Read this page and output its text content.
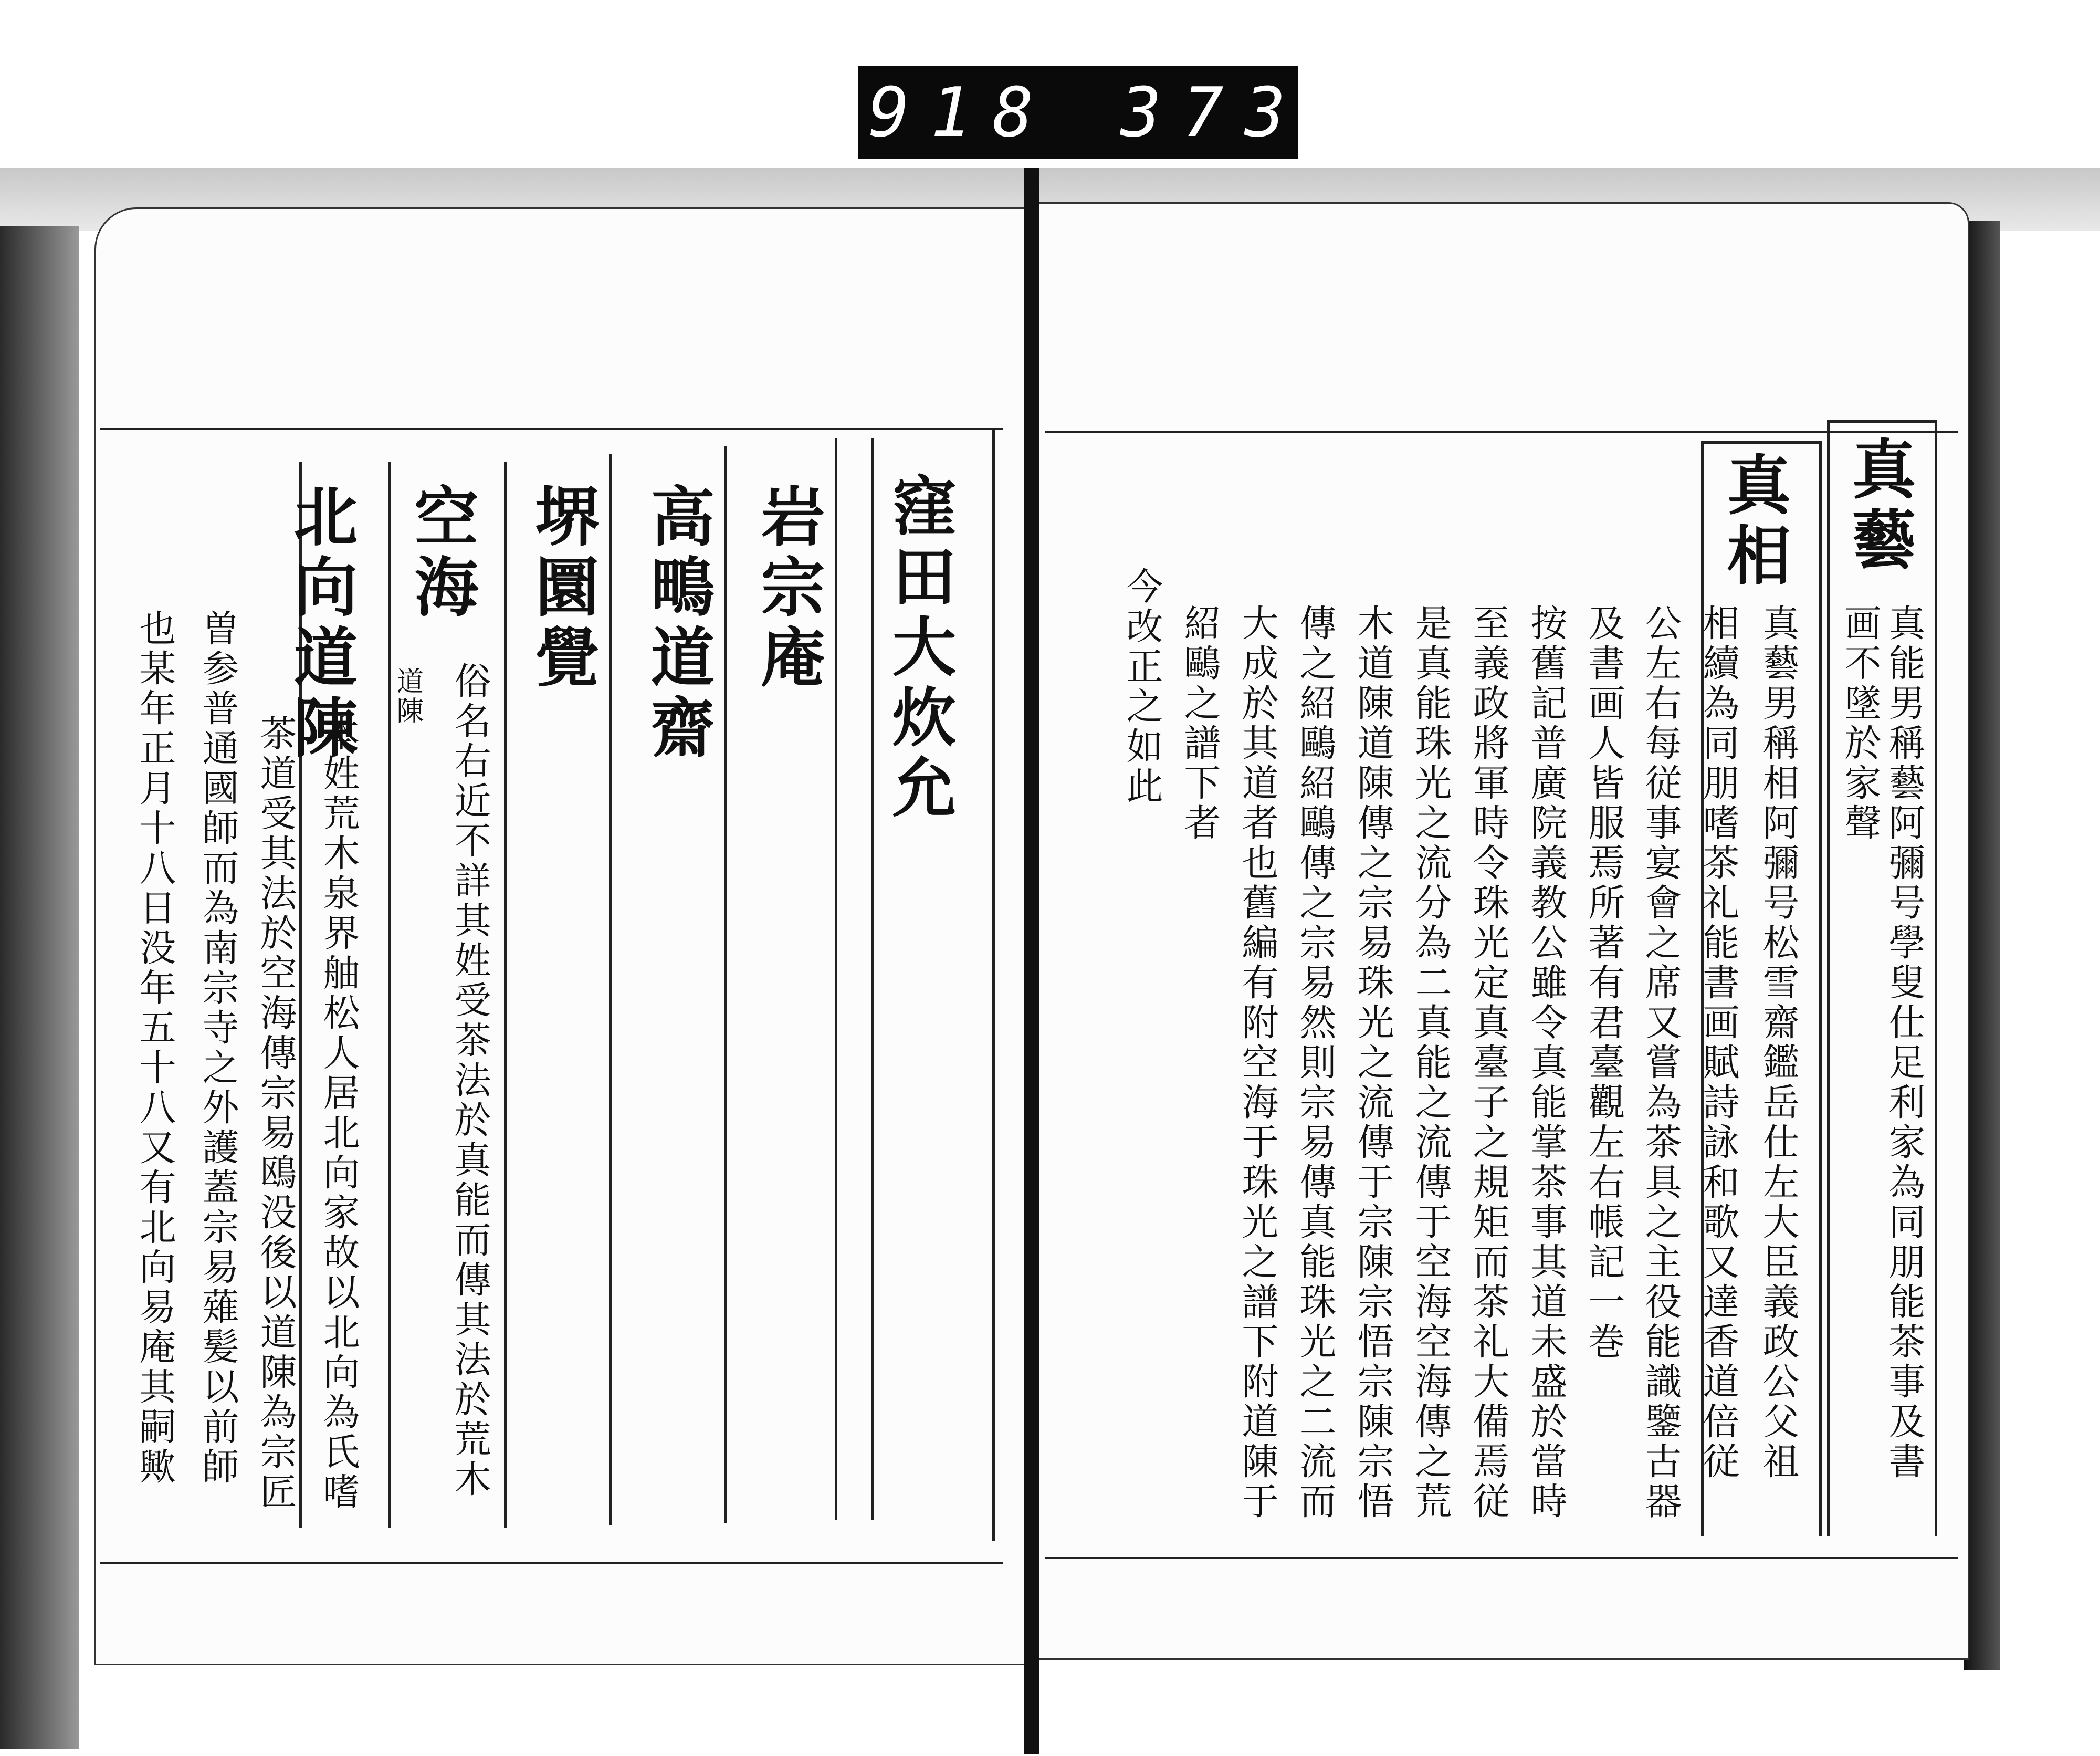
918 373.
真藝
真能男稱藝阿彌号學叟仕足利家為同朋能茶事及書
画不墜於家聲
真相
真藝男稱相阿彌号松雪齋鑑岳仕左大臣義政公父祖
相續為同朋嗜茶礼能書画賦詩詠和歌又達香道倍従
公左右每従事宴會之席又嘗為茶具之主役能識鑒古器
及書画人皆服焉所著有君臺觀左右帳記一巻
按舊記普廣院義教公雖令真能掌茶事其道未盛於當時
至義政將軍時令珠光定真臺子之規矩而茶礼大備焉従
是真能珠光之流分為二真能之流傳于空海空海傳之荒
木道陳道陳傳之宗易珠光之流傳于宗陳宗悟宗陳宗悟
傳之紹鷗紹鷗傳之宗易然則宗易傳真能珠光之二流而
大成於其道者也舊編有附空海于珠光之譜下附道陳于
紹鷗之譜下者
今改正之如此
窪田大炊允
岩宗庵
高鴫道齋
堺圜覺
空海
俗名右近不詳其姓受茶法於真能而傳其法於荒木
道陳
北向道陳
本姓荒木泉界舳松人居北向家故以北向為氏嗜
茶道受其法於空海傳宗易鴎没後以道陳為宗匠
曽参普通國師而為南宗寺之外護蓋宗易薙髪以前師
也某年正月十八日没年五十八又有北向易庵其嗣歟
